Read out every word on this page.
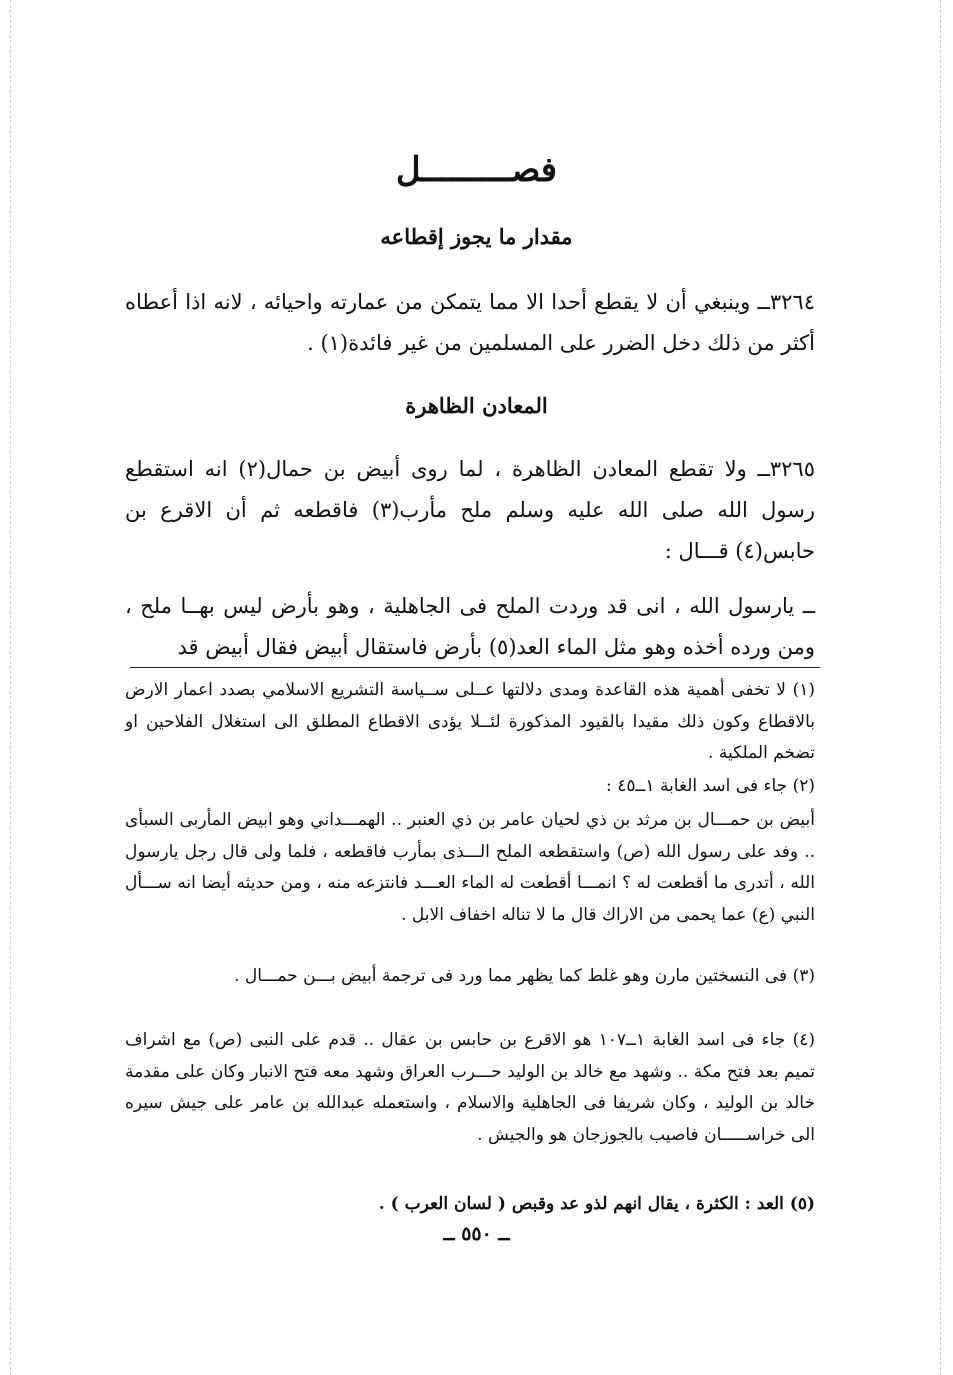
فصـــــــــل
مقدار ما يجوز إقطاعه
٣٢٦٤ــ وينبغي أن لا يقطع أحدا الا مما يتمكن من عمارته واحيائه ، لانه اذا أعطاه أكثر من ذلك دخل الضرر على المسلمين من غير فائدة(١) .
المعادن الظاهرة
٣٢٦٥ــ ولا تقطع المعادن الظاهرة ، لما روى أبيض بن حمال(٢) انه استقطع رسول الله صلى الله عليه وسلم ملح مأرب(٣) فاقطعه ثم أن الاقرع بن حابس(٤) قـــال :
ــ يارسول الله ، انى قد وردت الملح فى الجاهلية ، وهو بأرض ليس بهــا ملح ، ومن ورده أخذه وهو مثل الماء العد(٥) بأرض فاستقال أبيض فقال أبيض قد
(١) لا تخفى أهمية هذه القاعدة ومدى دلالتها عــلى ســياسة التشريع الاسلامي بصدد اعمار الارض بالاقطاع وكون ذلك مقيدا بالقيود المذكورة لئــلا يؤدى الاقطاع المطلق الى استغلال الفلاحين او تضخم الملكية .
(٢) جاء فى اسد الغابة ١ــ٤٥ :
أبيض بن حمـــال بن مرثد بن ذي لحيان عامر بن ذي العنبر .. الهمـــداني وهو ابيض المأربى السبأى .. وفد على رسول الله (ص) واستقطعه الملح الـــذى بمأرب فاقطعه ، فلما ولى قال رجل يارسول الله ، أتدرى ما أقطعت له ؟ انمـــا أقطعت له الماء العـــد فانتزعه منه ، ومن حديثه أيضا انه ســـأل النبي (ع) عما يحمى من الاراك قال ما لا تناله اخفاف الابل .
(٣) فى النسختين مارن وهو غلط كما يظهر مما ورد فى ترجمة أبيض بـــن حمـــال .
(٤) جاء فى اسد الغابة ١ــ١٠٧ هو الاقرع بن حابس بن عقال .. قدم على النبى (ص) مع اشراف تميم بعد فتح مكة .. وشهد مع خالد بن الوليد حـــرب العراق وشهد معه فتح الانبار وكان على مقدمة خالد بن الوليد ، وكان شريفا فى الجاهلية والاسلام ، واستعمله عبدالله بن عامر على جيش سيره الى خراســـــان فاصيب بالجوزجان هو والجيش .
(٥) العد : الكثرة ، يقال انهم لذو عد وقبص ( لسان العرب ) .
ــ ٥٥٠ ــ
